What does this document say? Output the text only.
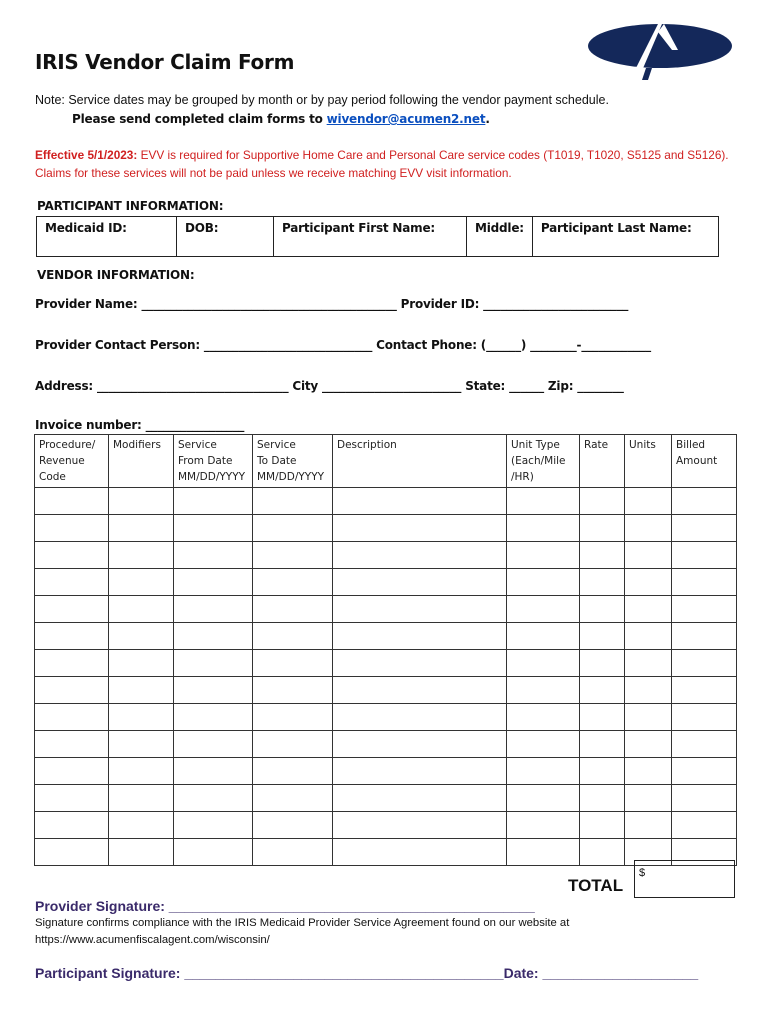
IRIS Vendor Claim Form
Note: Service dates may be grouped by month or by pay period following the vendor payment schedule.
Please send completed claim forms to wivendor@acumen2.net.
Effective 5/1/2023: EVV is required for Supportive Home Care and Personal Care service codes (T1019, T1020, S5125 and S5126). Claims for these services will not be paid unless we receive matching EVV visit information.
PARTICIPANT INFORMATION:
Medicaid ID:	DOB:	Participant First Name:	Middle:	Participant Last Name:
VENDOR INFORMATION:
Provider Name: ____________________________________________ Provider ID: _________________________
Provider Contact Person: _____________________________ Contact Phone: (______) ________-____________
Address: _________________________________ City ________________________ State: ______ Zip: ________
Invoice number: _________________
Procedure/
Revenue
Code	Modifiers	Service
From Date
MM/DD/YYYY	Service
To Date
MM/DD/YYYY	Description	Unit Type
(Each/Mile
/HR)	Rate	Units	Billed
Amount

TOTAL
$
Provider Signature: _______________________________________________
Signature confirms compliance with the IRIS Medicaid Provider Service Agreement found on our website at https://www.acumenfiscalagent.com/wisconsin/
Participant Signature: _________________________________________Date: ____________________
